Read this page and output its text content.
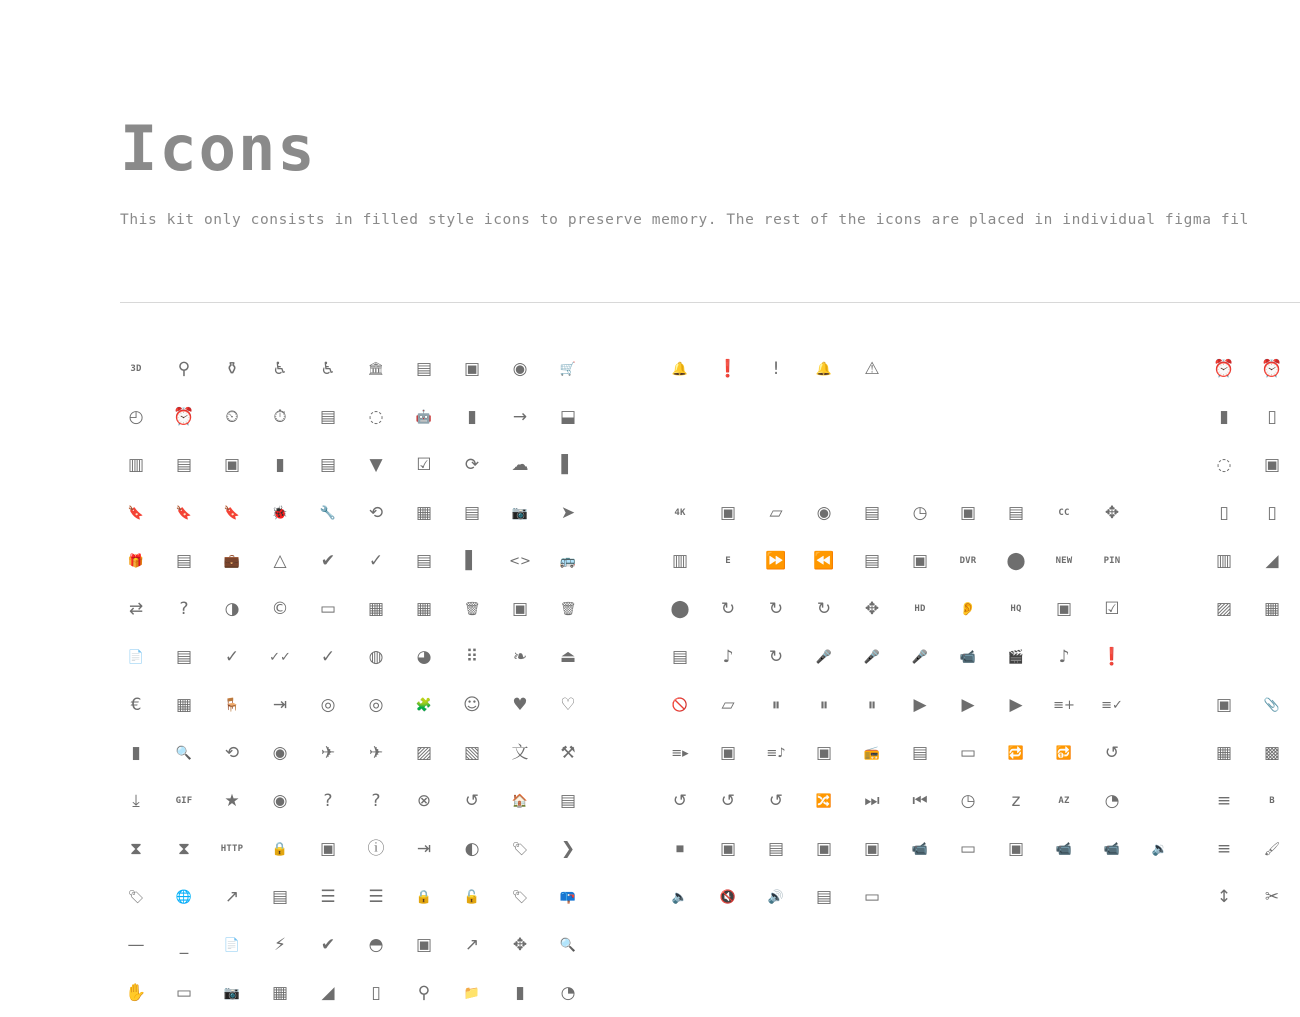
Icons
This kit only consists in filled style icons to preserve memory. The rest of the icons are placed in individual figma fil
3D ⚲ ⚱ ♿ ♿ 🏛 ▤ ▣ ◉ 🛒
◴ ⏰ ⏲ ⏱ ▤ ◌ 🤖 ▮ → ⬓
▥ ▤ ▣ ▮ ▤ ▼ ☑ ⟳ ☁ ▌
🔖 🔖 🔖 🐞 🔧 ⟲ ▦ ▤ 📷 ➤
🎁 ▤ 💼 △ ✔ ✓ ▤ ▌ <> 🚌
⇄ ? ◑ © ▭ ▦ ▦ 🗑 ▣ 🗑
📄 ▤ ✓ ✓✓ ✓ ◍ ◕ ⠿ ❧ ⏏
€ ▦ 🪑 ⇥ ◎ ◎ 🧩 ☺ ♥ ♡
▮	🔍 ⟲ ◉ ✈ ✈ ▨ ▧ 文 ⚒
⤓	GIF ★ ◉ ? ? ⊗ ↺	🏠 ▤
⧗ ⧗	HTTP 🔒 ▣ ⓘ ⇥ ◐ 🏷 ❯
🏷 🌐 ↗ ▤ ☰ ☰ 🔒 🔓 🏷 📪
— _	📄 ⚡ ✔ ◓ ▣ ↗ ✥	🔍
✋ ▭ 📷 ▦ ◢ ▯ ⚲	📁 ▮ ◔
🔔 ❗ !	🔔 ⚠
4K ▣ ▱ ◉ ▤ ◷ ▣ ▤	CC ✥
▥	E ⏩ ⏪ ▤ ▣	DVR ⬤	NEW	PIN
⬤ ↻ ↻ ↻ ✥	HD	👂	HQ ▣ ☑
▤ ♪ ↻	🎤 🎤 🎤 📹 🎬 ♪ ❗
🚫 ▱ ⏸ ⏸ ⏸ ▶ ▶ ▶ ≡+ ≡✓
≡▸ ▣ ≡♪ ▣ 📻 ▤ ▭ 🔁 🔂 ↺
↺ ↺ ↺	🔀 ⏭ ⏮ ◷ z	AZ ◔
⏹ ▣ ▤ ▣ ▣ 📹 ▭ ▣ 📹 📹 🔉
🔈 🔇 🔊 ▤ ▭
⏰ ⏰
▮ ▯
◌ ▣
▯ ▯
▥ ◢
▨ ▦
▣ 📎
▦ ▩
≡	B
≡	🖌
↕ ✂
